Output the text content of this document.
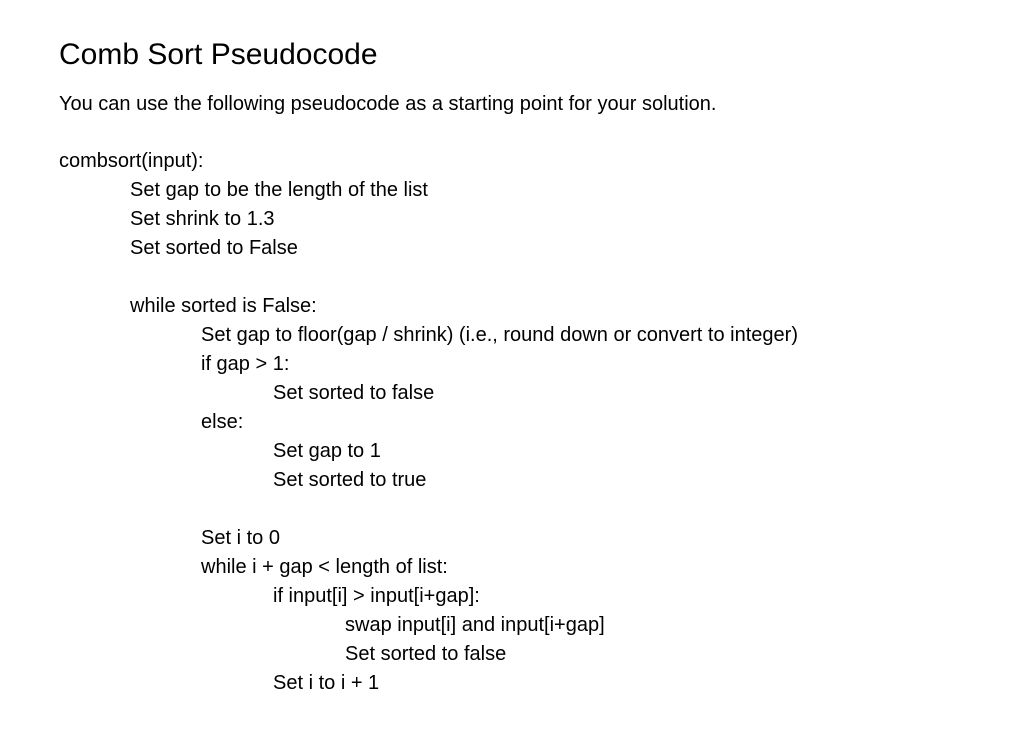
Comb Sort Pseudocode

You can use the following pseudocode as a starting point for your solution.

combsort(input):
Set gap to be the length of the list
Set shrink to 1.3
Set sorted to False
while sorted is False:
Set gap to floor(gap / shrink) (i.e., round down or convert to integer)
if gap > 1:
Set sorted to false
else:
Set gap to 1
Set sorted to true
Set i to 0
while i + gap < length of list:
if input[i] > input[i+gap]:
swap input[i] and input[i+gap]
Set sorted to false
Set i to i + 1
